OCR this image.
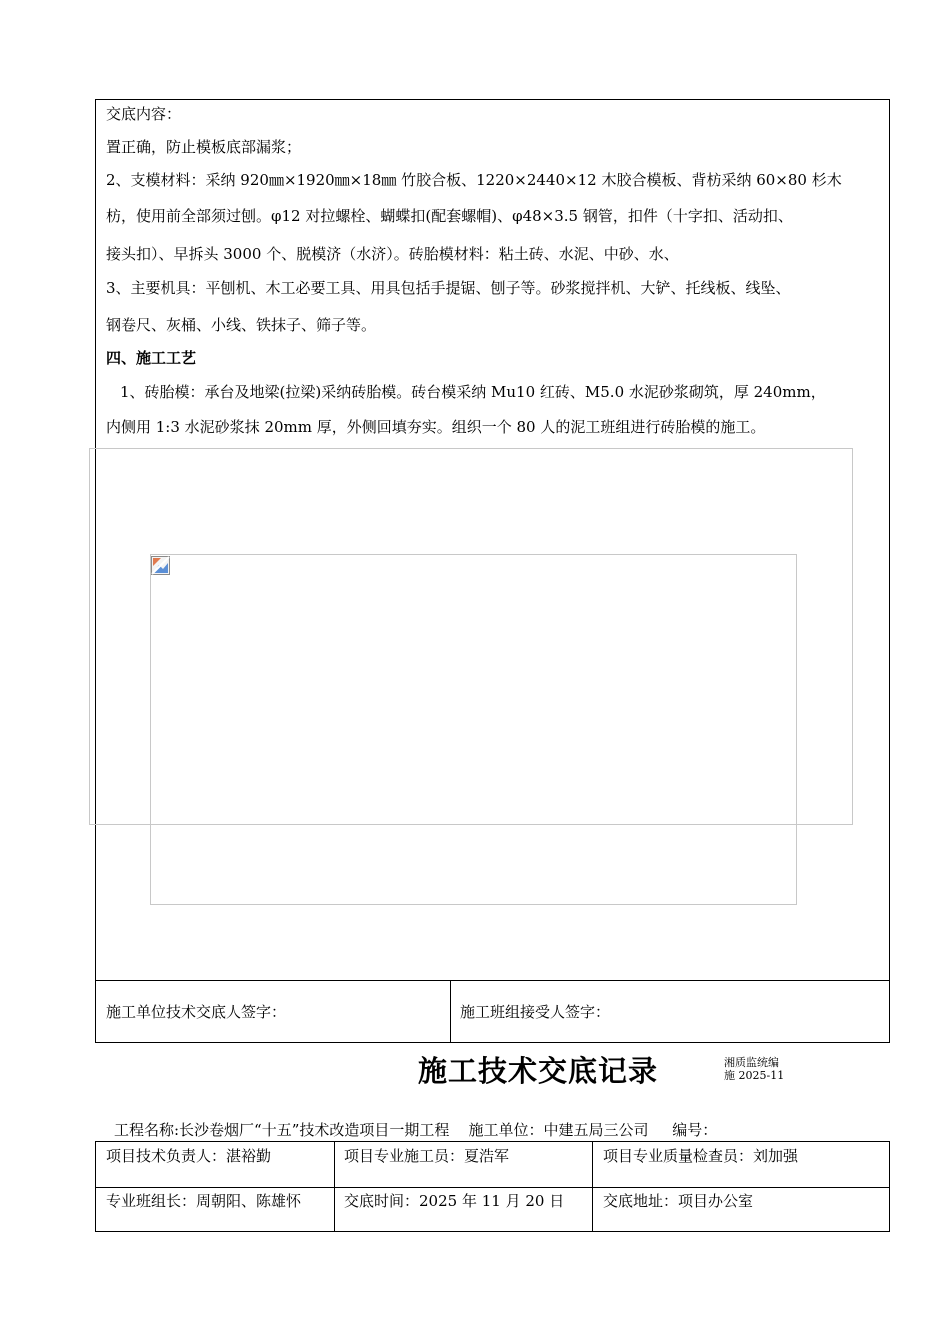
交底内容：
置正确，防止模板底部漏浆；
2、支模材料：采纳 920㎜×1920㎜×18㎜ 竹胶合板、1220×2440×12 木胶合模板、背枋采纳 60×80 杉木
枋，使用前全部须过刨。φ12 对拉螺栓、蝴蝶扣(配套螺帽)、φ48×3.5 钢管，扣件（十字扣、活动扣、
接头扣）、早拆头 3000 个、脱模济（水济）。砖胎模材料：粘土砖、水泥、中砂、水、
3、主要机具：平刨机、木工必要工具、用具包括手提锯、刨子等。砂浆搅拌机、大铲、托线板、线坠、
钢卷尺、灰桶、小线、铁抹子、筛子等。
四、施工工艺
1、砖胎模：承台及地梁(拉梁)采纳砖胎模。砖台模采纳 Mu10 红砖、M5.0 水泥砂浆砌筑，厚 240mm，
内侧用 1:3 水泥砂浆抹 20mm 厚，外侧回填夯实。组织一个 80 人的泥工班组进行砖胎模的施工。
施工单位技术交底人签字：	施工班组接受人签字：
施工技术交底记录	湘质监统编
施 2025-11
工程名称:长沙卷烟厂“十五”技术改造项目一期工程    施工单位：中建五局三公司     编号：
项目技术负责人：湛裕勤	项目专业施工员：夏浩军	项目专业质量检查员：刘加强
专业班组长：周朝阳、陈雄怀	交底时间：2025 年 11 月 20 日	交底地址：项目办公室
